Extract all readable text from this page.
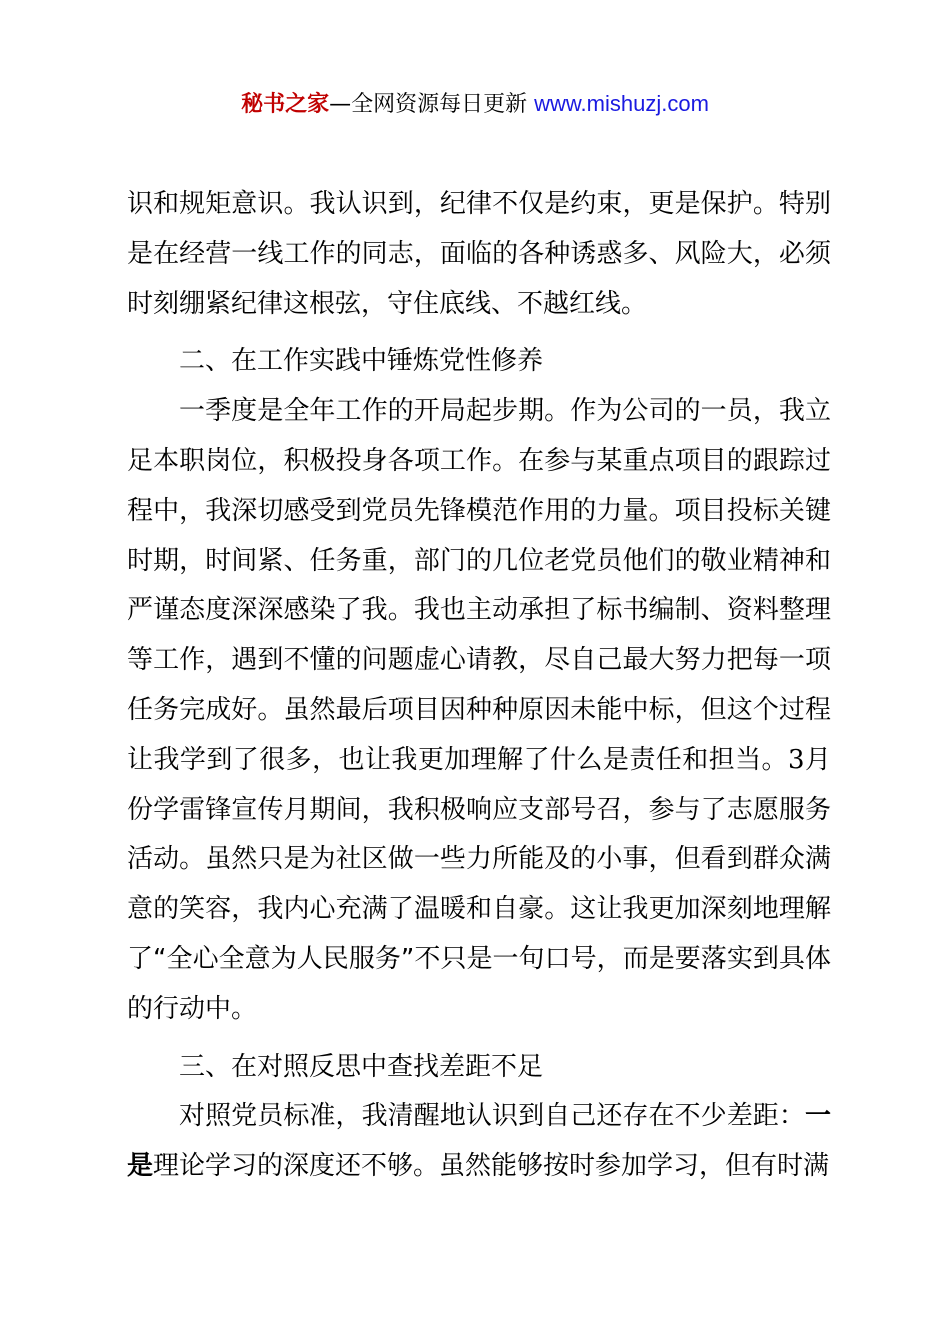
秘书之家—全网资源每日更新 www.mishuzj.com

识和规矩意识。我认识到，纪律不仅是约束，更是保护。特别是在经营一线工作的同志，面临的各种诱惑多、风险大，必须时刻绷紧纪律这根弦，守住底线、不越红线。

二、在工作实践中锤炼党性修养

一季度是全年工作的开局起步期。作为公司的一员，我立足本职岗位，积极投身各项工作。在参与某重点项目的跟踪过程中，我深切感受到党员先锋模范作用的力量。项目投标关键时期，时间紧、任务重，部门的几位老党员他们的敬业精神和严谨态度深深感染了我。我也主动承担了标书编制、资料整理等工作，遇到不懂的问题虚心请教，尽自己最大努力把每一项任务完成好。虽然最后项目因种种原因未能中标，但这个过程让我学到了很多，也让我更加理解了什么是责任和担当。3月份学雷锋宣传月期间，我积极响应支部号召，参与了志愿服务活动。虽然只是为社区做一些力所能及的小事，但看到群众满意的笑容，我内心充满了温暖和自豪。这让我更加深刻地理解了“全心全意为人民服务”不只是一句口号，而是要落实到具体的行动中。

三、在对照反思中查找差距不足

对照党员标准，我清醒地认识到自己还存在不少差距：一是理论学习的深度还不够。虽然能够按时参加学习，但有时满
